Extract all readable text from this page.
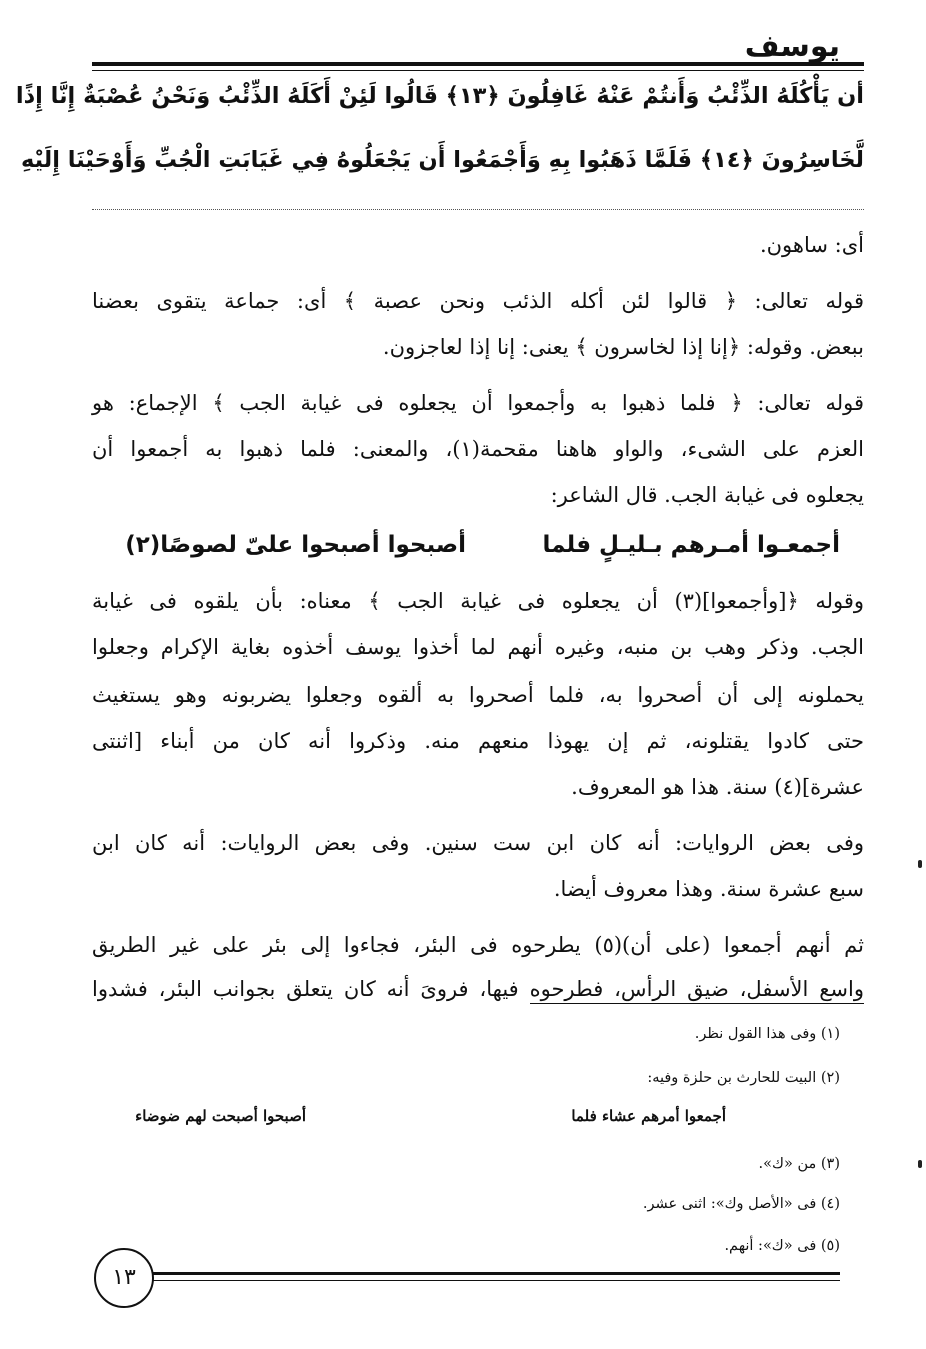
يوسف
أن يَأْكُلَهُ الذِّئْبُ وَأَنتُمْ عَنْهُ غَافِلُونَ ﴿١٣﴾ قَالُوا لَئِنْ أَكَلَهُ الذِّئْبُ وَنَحْنُ عُصْبَةٌ إِنَّا إِذًا
لَّخَاسِرُونَ ﴿١٤﴾ فَلَمَّا ذَهَبُوا بِهِ وَأَجْمَعُوا أَن يَجْعَلُوهُ فِي غَيَابَتِ الْجُبِّ وَأَوْحَيْنَا إِلَيْهِ
أى: ساهون.
قوله تعالى: ﴿ قالوا لئن أكله الذئب ونحن عصبة ﴾ أى: جماعة يتقوى بعضنا
ببعض. وقوله: ﴿إنا إذا لخاسرون ﴾ يعنى: إنا إذا لعاجزون.
قوله تعالى: ﴿ فلما ذهبوا به وأجمعوا أن يجعلوه فى غيابة الجب ﴾ الإجماع: هو
العزم على الشىء، والواو هاهنا مقحمة(١)، والمعنى: فلما ذهبوا به أجمعوا أن
يجعلوه فى غيابة الجب. قال الشاعر:
أجمعـوا أمـرهم بـليـلٍ فلما
أصبحوا أصبحوا علىّ لصوصًا(٢)
وقوله ﴿[وأجمعوا](٣) أن يجعلوه فى غيابة الجب ﴾ معناه: بأن يلقوه فى غيابة
الجب. وذكر وهب بن منبه، وغيره أنهم لما أخذوا يوسف أخذوه بغاية الإكرام وجعلوا
يحملونه إلى أن أصحروا به، فلما أصحروا به ألقوه وجعلوا يضربونه وهو يستغيث
حتى كادوا يقتلونه، ثم إن يهوذا منعهم منه. وذكروا أنه كان من أبناء [اثنتى
عشرة](٤) سنة. هذا هو المعروف.
وفى بعض الروايات: أنه كان ابن ست سنين. وفى بعض الروايات: أنه كان ابن
سبع عشرة سنة. وهذا معروف أيضا.
ثم أنهم أجمعوا (على أن)(٥) يطرحوه فى البئر، فجاءوا إلى بئر على غير الطريق
واسع الأسفل، ضيق الرأس، فطرحوه فيها، فروىَ أنه كان يتعلق بجوانب البئر، فشدوا
(١) وفى هذا القول نظر.
(٢) البيت للحارث بن حلزة وفيه:
أجمعوا أمرهم عشاء فلما
أصبحوا أصبحت لهم ضوضاء
(٣) من «ك».
(٤) فى «الأصل وك»: اثنى عشر.
(٥) فى «ك»: أنهم.
١٣
